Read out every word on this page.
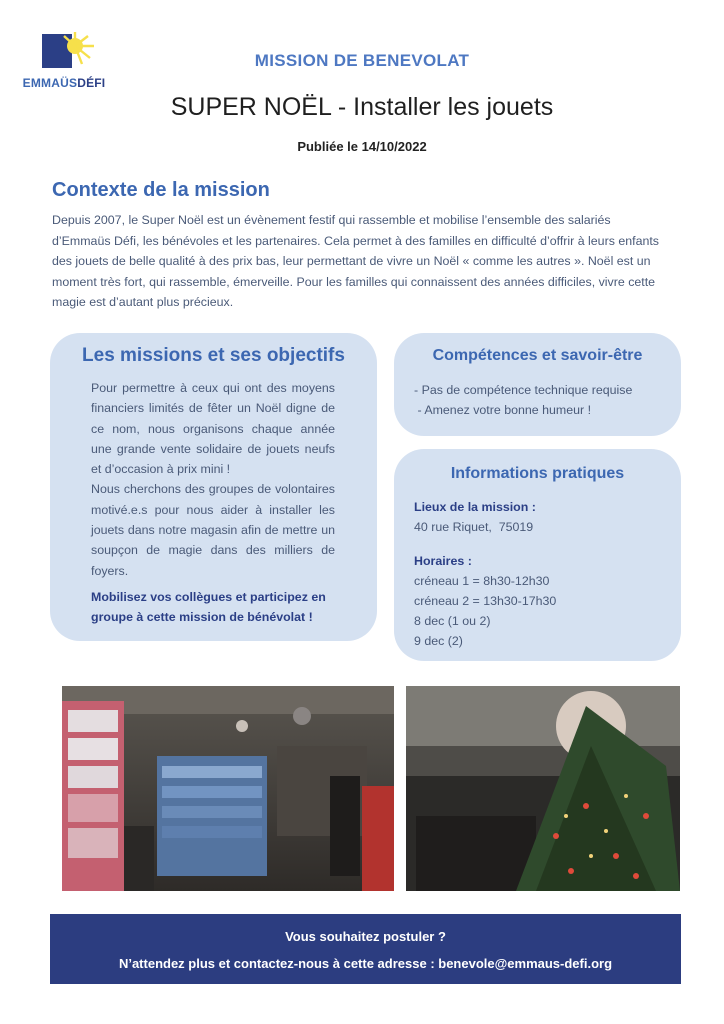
EMMAÜSDÉFI
MISSION DE BENEVOLAT
SUPER NOËL - Installer les jouets
Publiée le 14/10/2022
Contexte de la mission
Depuis 2007, le Super Noël est un évènement festif qui rassemble et mobilise l’ensemble des salariés d’Emmaüs Défi, les bénévoles et les partenaires. Cela permet à des familles en difficulté d’offrir à leurs enfants des jouets de belle qualité à des prix bas, leur permettant de vivre un Noël « comme les autres ». Noël est un moment très fort, qui rassemble, émerveille. Pour les familles qui connaissent des années difficiles, vivre cette magie est d’autant plus précieux.
Les missions et ses objectifs
Pour permettre à ceux qui ont des moyens financiers limités de fêter un Noël digne de ce nom, nous organisons chaque année une grande vente solidaire de jouets neufs et d’occasion à prix mini !
Nous cherchons des groupes de volontaires motivé.e.s pour nous aider à installer les jouets dans notre magasin afin de mettre un soupçon de magie dans des milliers de foyers.
Mobilisez vos collègues et participez en groupe à cette mission de bénévolat !
Compétences et savoir-être
- Pas de compétence technique requise
- Amenez votre bonne humeur !
Informations pratiques
Lieux de la mission :
40 rue Riquet,  75019
Horaires :
créneau 1 = 8h30-12h30
créneau 2 = 13h30-17h30
8 dec (1 ou 2)
9 dec (2)
Vous souhaitez postuler ?
N’attendez plus et contactez-nous à cette adresse : benevole@emmaus-defi.org
